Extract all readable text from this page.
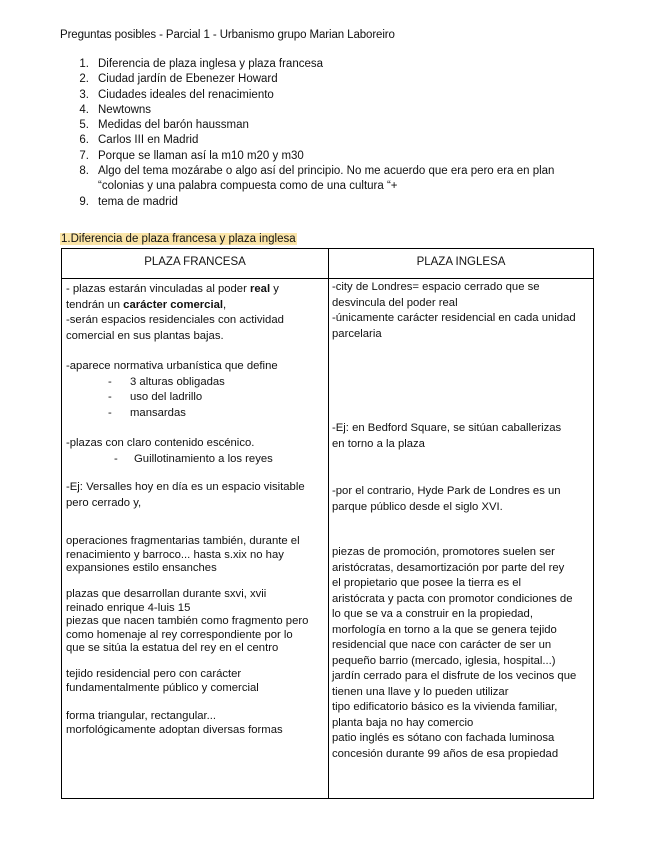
Preguntas posibles - Parcial 1 - Urbanismo grupo Marian Laboreiro
1. Diferencia de plaza inglesa y plaza francesa
2. Ciudad jardín de Ebenezer Howard
3. Ciudades ideales del renacimiento
4. Newtowns
5. Medidas del barón haussman
6. Carlos III en Madrid
7. Porque se llaman así la m10 m20 y m30
8. Algo del tema mozárabe o algo así del principio. No me acuerdo que era pero era en plan “colonias y una palabra compuesta como de una cultura “+
9. tema de madrid
1.Diferencia de plaza francesa y plaza inglesa
PLAZA FRANCESA	PLAZA INGLESA
- plazas estarán vinculadas al poder real y
tendrán un carácter comercial,
-serán espacios residenciales con actividad
comercial en sus plantas bajas.
-aparece normativa urbanística que define
- 3 alturas obligadas
- uso del ladrillo
- mansardas
-plazas con claro contenido escénico.
- Guillotinamiento a los reyes
-Ej: Versalles hoy en día es un espacio visitable
pero cerrado y,
operaciones fragmentarias también, durante el
renacimiento y barroco... hasta s.xix no hay
expansiones estilo ensanches
plazas que desarrollan durante sxvi, xvii
reinado enrique 4-luis 15
piezas que nacen también como fragmento pero
como homenaje al rey correspondiente por lo
que se sitúa la estatua del rey en el centro
tejido residencial pero con carácter
fundamentalmente público y comercial
forma triangular, rectangular...
morfológicamente adoptan diversas formas
-city de Londres= espacio cerrado que se
desvincula del poder real
-únicamente carácter residencial en cada unidad
parcelaria
-Ej: en Bedford Square, se sitúan caballerizas
en torno a la plaza
-por el contrario, Hyde Park de Londres es un
parque público desde el siglo XVI.
piezas de promoción, promotores suelen ser
aristócratas, desamortización por parte del rey
el propietario que posee la tierra es el
aristócrata y pacta con promotor condiciones de
lo que se va a construir en la propiedad,
morfología en torno a la que se genera tejido
residencial que nace con carácter de ser un
pequeño barrio (mercado, iglesia, hospital...)
jardín cerrado para el disfrute de los vecinos que
tienen una llave y lo pueden utilizar
tipo edificatorio básico es la vivienda familiar,
planta baja no hay comercio
patio inglés es sótano con fachada luminosa
concesión durante 99 años de esa propiedad
